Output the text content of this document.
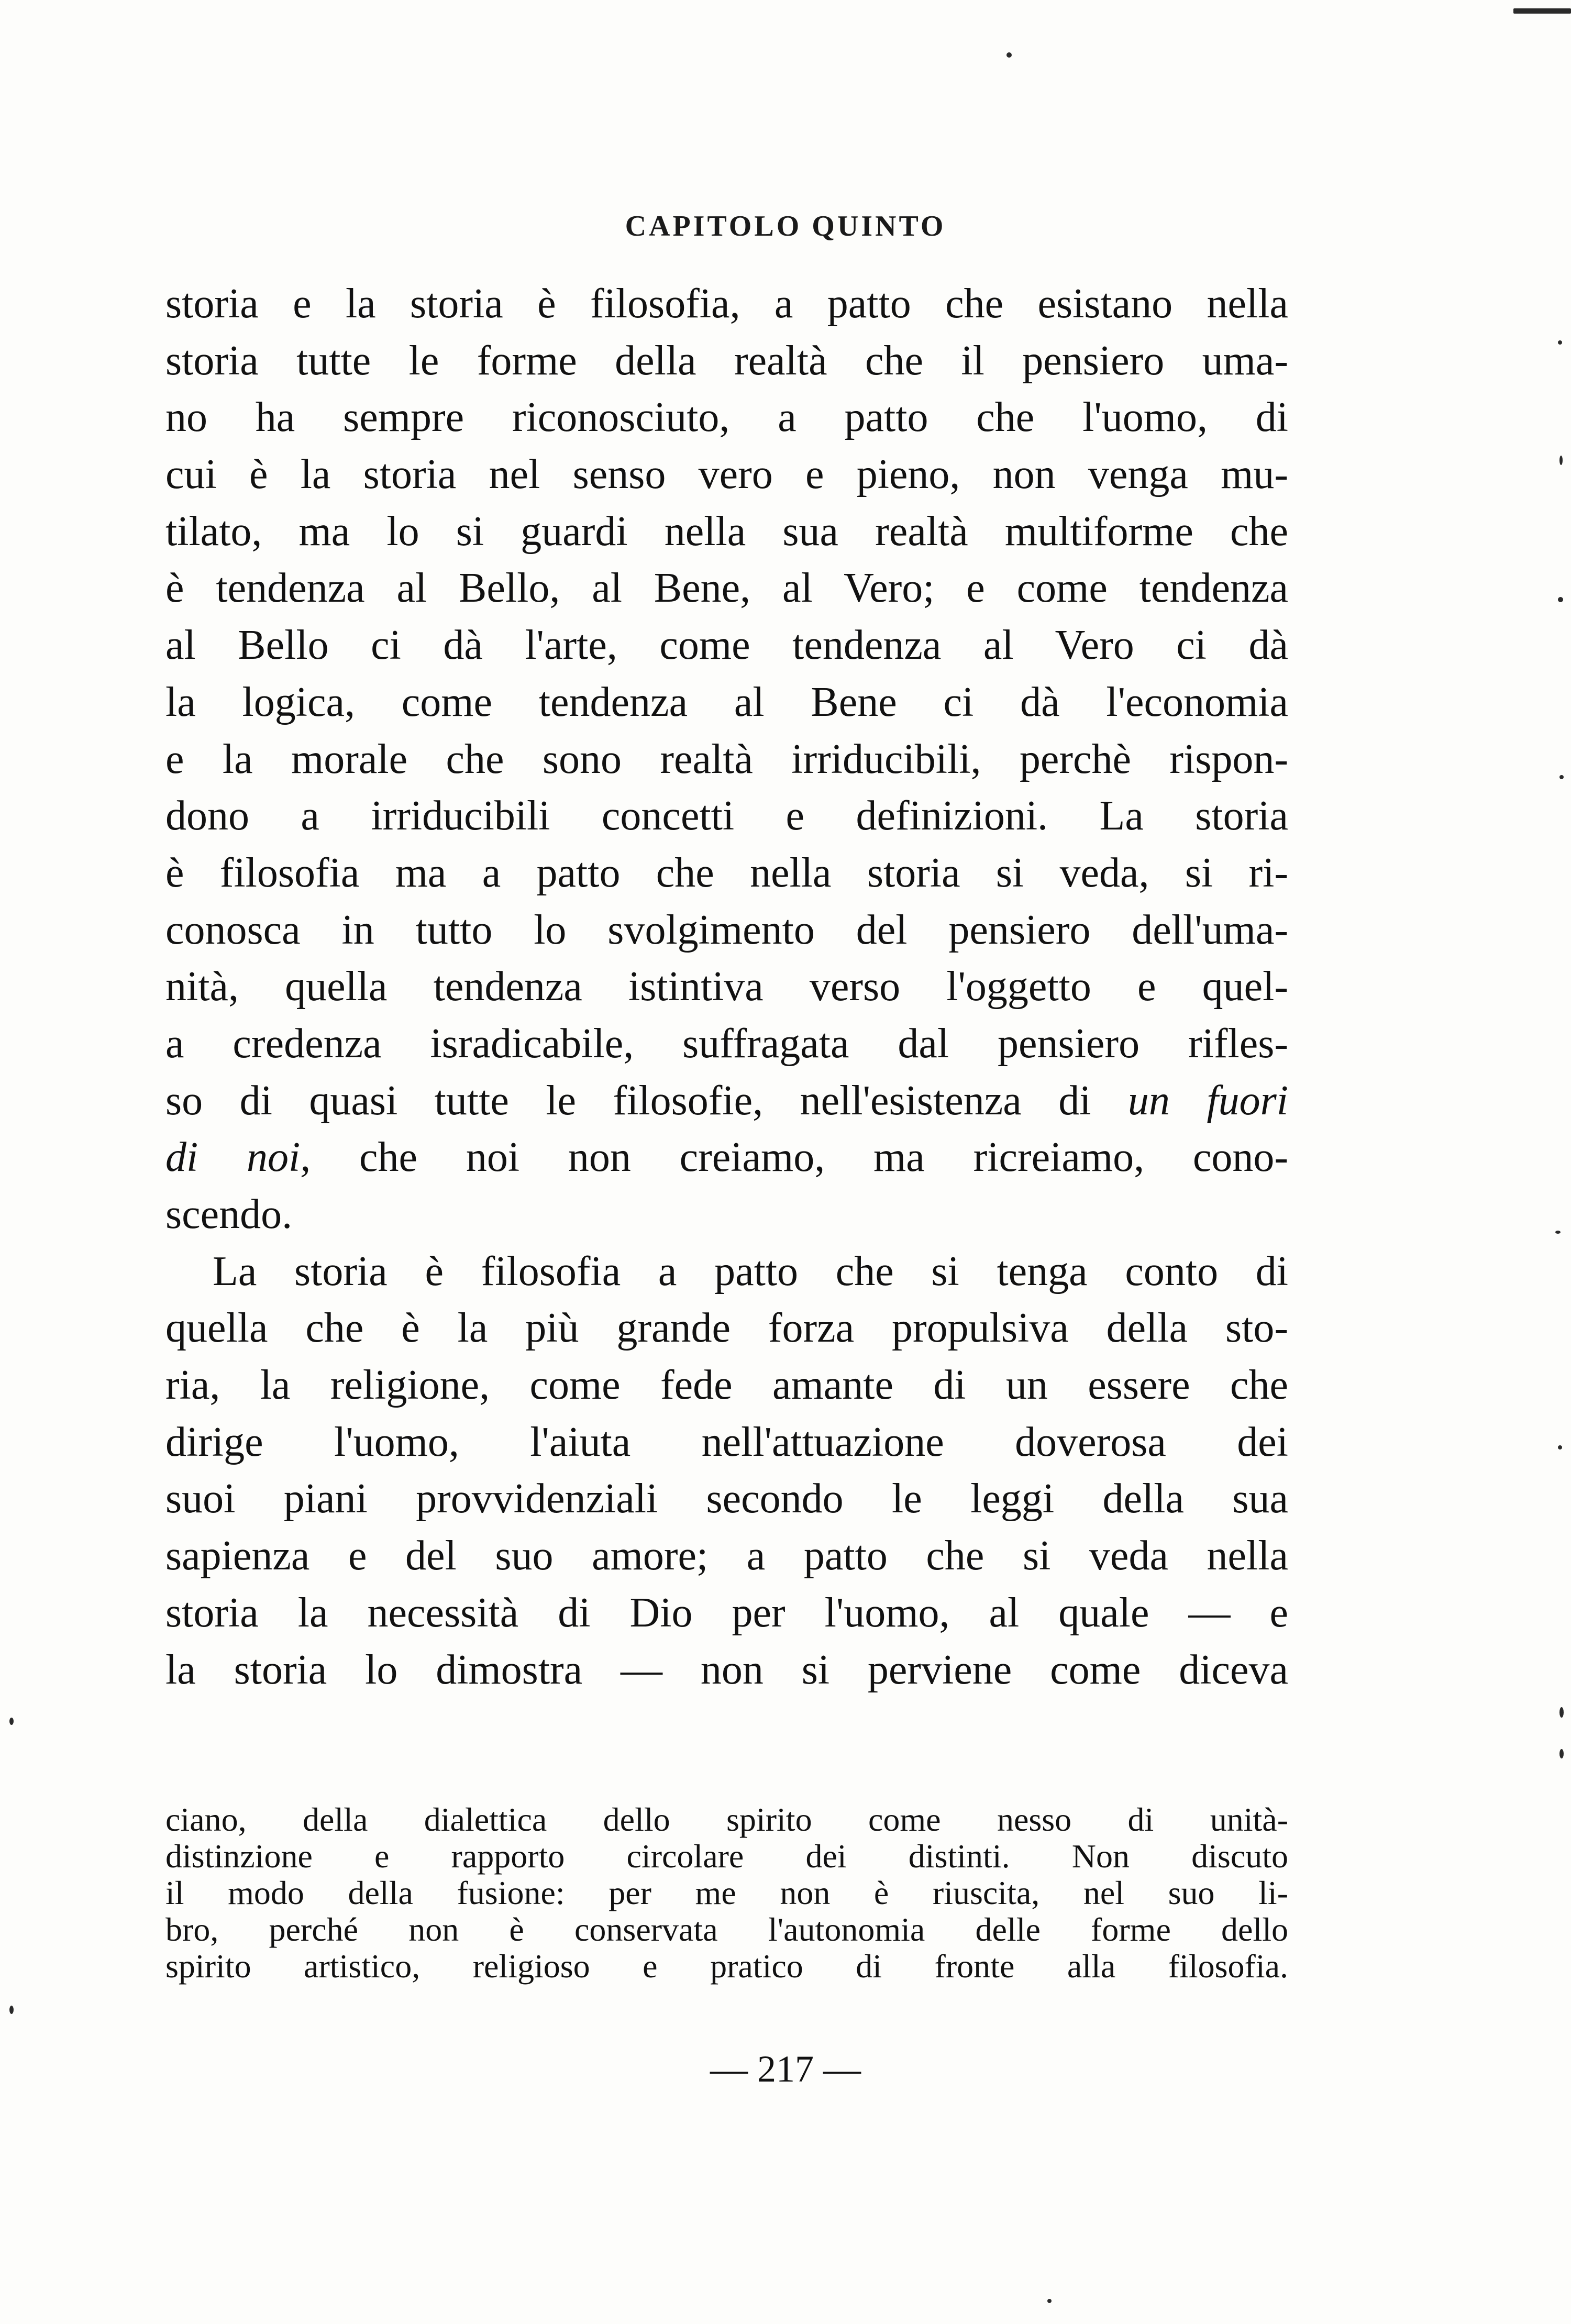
CAPITOLO QUINTO
storia e la storia è filosofia, a patto che esistano nella
storia tutte le forme della realtà che il pensiero uma-
no ha sempre riconosciuto, a patto che l'uomo, di
cui è la storia nel senso vero e pieno, non venga mu-
tilato, ma lo si guardi nella sua realtà multiforme che
è tendenza al Bello, al Bene, al Vero; e come tendenza
al Bello ci dà l'arte, come tendenza al Vero ci dà
la logica, come tendenza al Bene ci dà l'economia
e la morale che sono realtà irriducibili, perchè rispon-
dono a irriducibili concetti e definizioni. La storia
è filosofia ma a patto che nella storia si veda, si ri-
conosca in tutto lo svolgimento del pensiero dell'uma-
nità, quella tendenza istintiva verso l'oggetto e quel-
a credenza isradicabile, suffragata dal pensiero rifles-
so di quasi tutte le filosofie, nell'esistenza di un fuori
di noi, che noi non creiamo, ma ricreiamo, cono-
scendo.
La storia è filosofia a patto che si tenga conto di
quella che è la più grande forza propulsiva della sto-
ria, la religione, come fede amante di un essere che
dirige l'uomo, l'aiuta nell'attuazione doverosa dei
suoi piani provvidenziali secondo le leggi della sua
sapienza e del suo amore; a patto che si veda nella
storia la necessità di Dio per l'uomo, al quale — e
la storia lo dimostra — non si perviene come diceva
ciano, della dialettica dello spirito come nesso di unità-
distinzione e rapporto circolare dei distinti. Non discuto
il modo della fusione: per me non è riuscita, nel suo li-
bro, perché non è conservata l'autonomia delle forme dello
spirito artistico, religioso e pratico di fronte alla filosofia.
— 217 —
